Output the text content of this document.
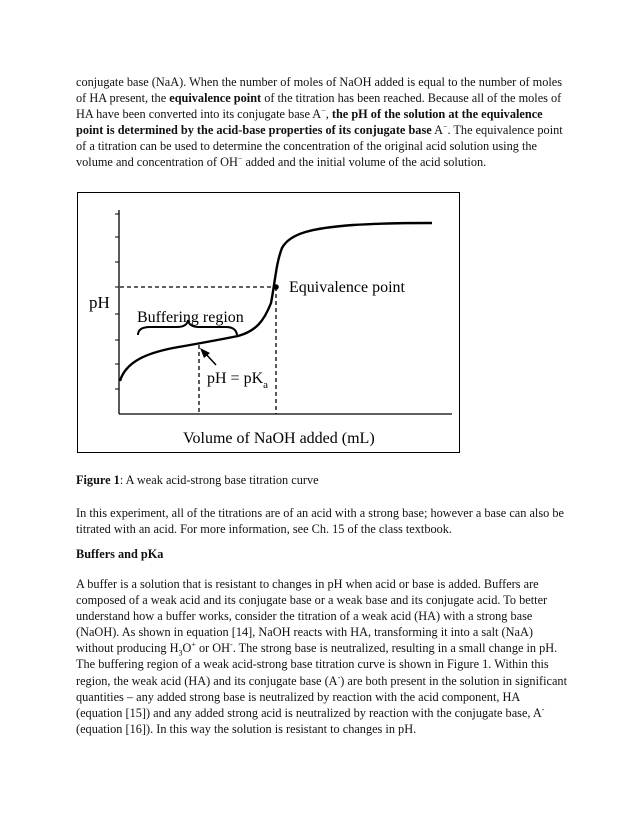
conjugate base (NaA). When the number of moles of NaOH added is equal to the number of moles of HA present, the equivalence point of the titration has been reached. Because all of the moles of HA have been converted into its conjugate base A−, the pH of the solution at the equivalence point is determined by the acid-base properties of its conjugate base A−. The equivalence point of a titration can be used to determine the concentration of the original acid solution using the volume and concentration of OH− added and the initial volume of the acid solution.

pH
Buffering region
Equivalence point
pH = $pK_a$
Volume of NaOH added (mL)

Figure 1: A weak acid-strong base titration curve

In this experiment, all of the titrations are of an acid with a strong base; however a base can also be titrated with an acid. For more information, see Ch. 15 of the class textbook.

Buffers and pKa

A buffer is a solution that is resistant to changes in pH when acid or base is added. Buffers are composed of a weak acid and its conjugate base or a weak base and its conjugate acid. To better understand how a buffer works, consider the titration of a weak acid (HA) with a strong base (NaOH). As shown in equation [14], NaOH reacts with HA, transforming it into a salt (NaA) without producing $H_3O^+$ or OH-. The strong base is neutralized, resulting in a small change in pH. The buffering region of a weak acid-strong base titration curve is shown in Figure 1. Within this region, the weak acid (HA) and its conjugate base (A-) are both present in the solution in significant quantities – any added strong base is neutralized by reaction with the acid component, HA (equation [15]) and any added strong acid is neutralized by reaction with the conjugate base, A- (equation [16]). In this way the solution is resistant to changes in pH.
